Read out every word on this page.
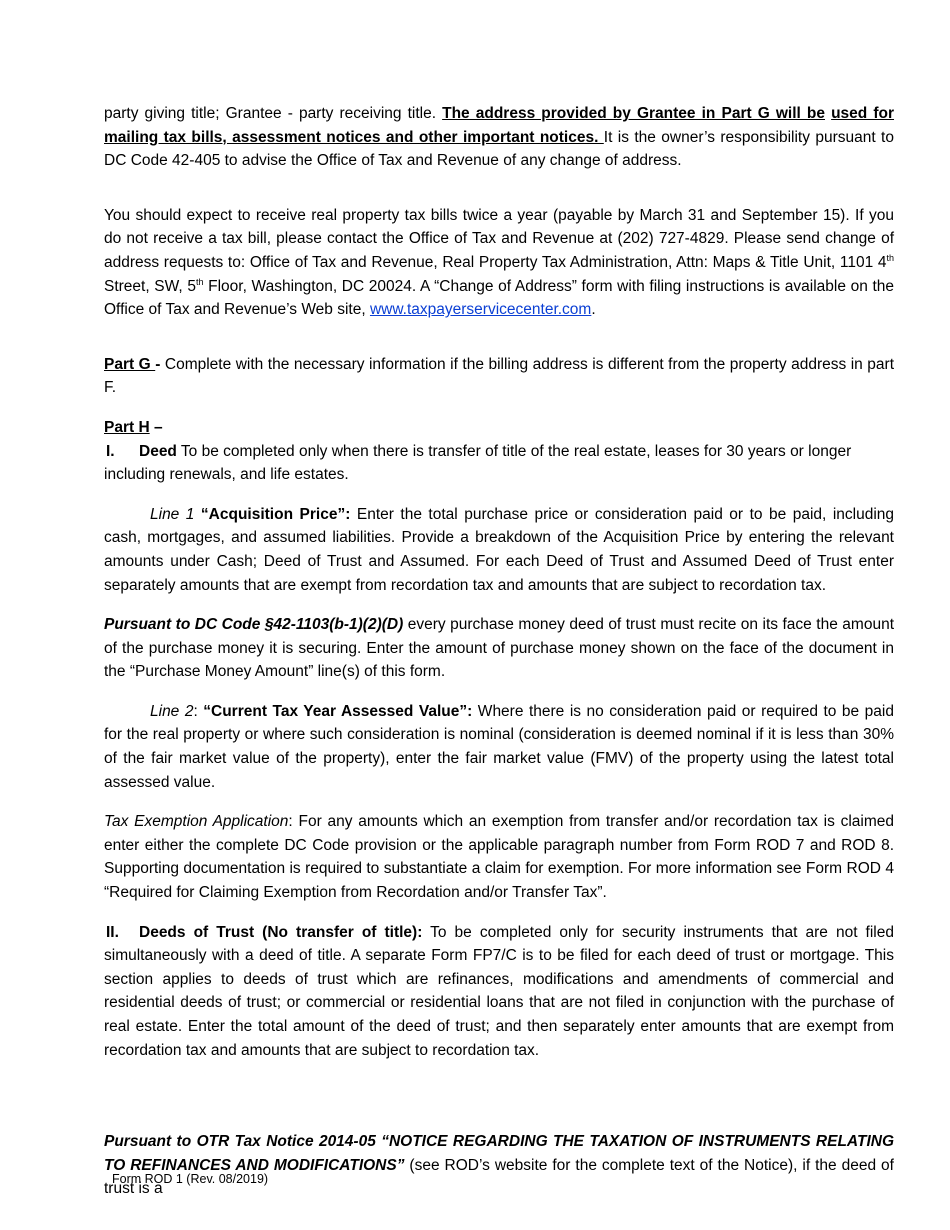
party giving title; Grantee - party receiving title. The address provided by Grantee in Part G will be used for mailing tax bills, assessment notices and other important notices. It is the owner’s responsibility pursuant to DC Code 42-405 to advise the Office of Tax and Revenue of any change of address.

You should expect to receive real property tax bills twice a year (payable by March 31 and September 15). If you do not receive a tax bill, please contact the Office of Tax and Revenue at (202) 727-4829. Please send change of address requests to: Office of Tax and Revenue, Real Property Tax Administration, Attn: Maps & Title Unit, 1101 4th Street, SW, 5th Floor, Washington, DC 20024. A “Change of Address” form with filing instructions is available on the Office of Tax and Revenue’s Web site, www.taxpayerservicecenter.com.

Part G - Complete with the necessary information if the billing address is different from the property address in part F.

Part H –

I. Deed To be completed only when there is transfer of title of the real estate, leases for 30 years or longer including renewals, and life estates.

Line 1 “Acquisition Price”: Enter the total purchase price or consideration paid or to be paid, including cash, mortgages, and assumed liabilities. Provide a breakdown of the Acquisition Price by entering the relevant amounts under Cash; Deed of Trust and Assumed. For each Deed of Trust and Assumed Deed of Trust enter separately amounts that are exempt from recordation tax and amounts that are subject to recordation tax.

Pursuant to DC Code §42-1103(b-1)(2)(D) every purchase money deed of trust must recite on its face the amount of the purchase money it is securing. Enter the amount of purchase money shown on the face of the document in the “Purchase Money Amount” line(s) of this form.

Line 2: “Current Tax Year Assessed Value”: Where there is no consideration paid or required to be paid for the real property or where such consideration is nominal (consideration is deemed nominal if it is less than 30% of the fair market value of the property), enter the fair market value (FMV) of the property using the latest total assessed value.

Tax Exemption Application: For any amounts which an exemption from transfer and/or recordation tax is claimed enter either the complete DC Code provision or the applicable paragraph number from Form ROD 7 and ROD 8. Supporting documentation is required to substantiate a claim for exemption. For more information see Form ROD 4 “Required for Claiming Exemption from Recordation and/or Transfer Tax”.

II. Deeds of Trust (No transfer of title): To be completed only for security instruments that are not filed simultaneously with a deed of title. A separate Form FP7/C is to be filed for each deed of trust or mortgage. This section applies to deeds of trust which are refinances, modifications and amendments of commercial and residential deeds of trust; or commercial or residential loans that are not filed in conjunction with the purchase of real estate. Enter the total amount of the deed of trust; and then separately enter amounts that are exempt from recordation tax and amounts that are subject to recordation tax.

Pursuant to OTR Tax Notice 2014-05 “NOTICE REGARDING THE TAXATION OF INSTRUMENTS RELATING TO REFINANCES AND MODIFICATIONS” (see ROD’s website for the complete text of the Notice), if the deed of trust is a

Form ROD 1 (Rev. 08/2019)
